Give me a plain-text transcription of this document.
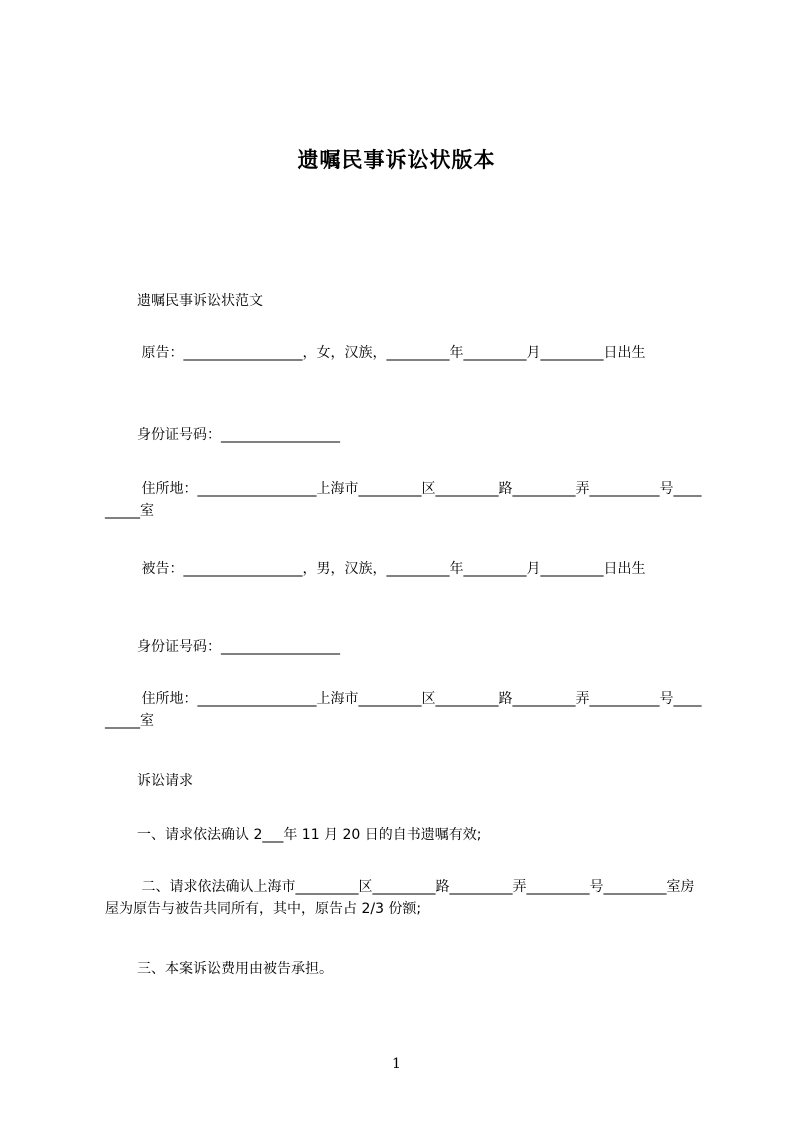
遗嘱民事诉讼状版本

遗嘱民事诉讼状范文

原告：_________________，女，汉族，_________年_________月_________日出生

身份证号码：_________________

住所地：_________________上海市_________区_________路_________弄__________号_________室

被告：_________________，男，汉族，_________年_________月_________日出生

身份证号码：_________________

住所地：_________________上海市_________区_________路_________弄__________号_________室

诉讼请求

一、请求依法确认 2___年 11 月 20 日的自书遗嘱有效;

二、请求依法确认上海市_________区_________路_________弄_________号_________室房屋为原告与被告共同所有，其中，原告占 2/3 份额;

三、本案诉讼费用由被告承担。

1
